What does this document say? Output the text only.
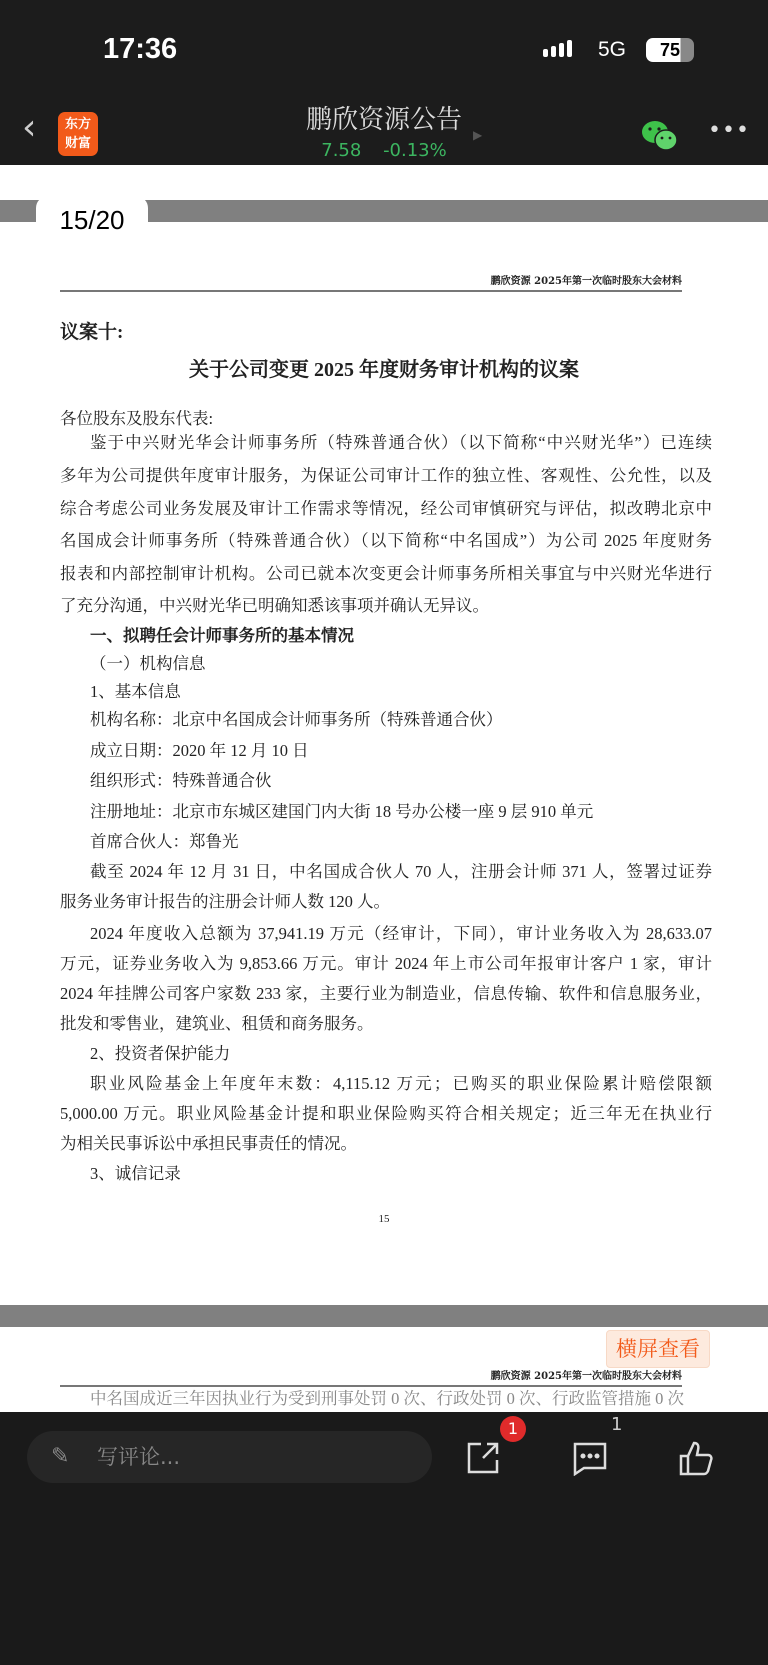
17:36	5G	75
‹	东方
财富
鹏欣资源公告 ▶
7.58 -0.13%
•••
15/20
鹏欣资源 2025年第一次临时股东大会材料
议案十:
关于公司变更 2025 年度财务审计机构的议案
各位股东及股东代表:
鉴于中兴财光华会计师事务所（特殊普通合伙）（以下简称“中兴财光华”）已连续
多年为公司提供年度审计服务，为保证公司审计工作的独立性、客观性、公允性，以及
综合考虑公司业务发展及审计工作需求等情况，经公司审慎研究与评估，拟改聘北京中
名国成会计师事务所（特殊普通合伙）（以下简称“中名国成”）为公司 2025 年度财务
报表和内部控制审计机构。公司已就本次变更会计师事务所相关事宜与中兴财光华进行
了充分沟通，中兴财光华已明确知悉该事项并确认无异议。
一、拟聘任会计师事务所的基本情况
（一）机构信息
1、基本信息
机构名称：北京中名国成会计师事务所（特殊普通合伙）
成立日期：2020 年 12 月 10 日
组织形式：特殊普通合伙
注册地址：北京市东城区建国门内大街 18 号办公楼一座 9 层 910 单元
首席合伙人：郑鲁光
截至 2024 年 12 月 31 日，中名国成合伙人 70 人，注册会计师 371 人，签署过证券
服务业务审计报告的注册会计师人数 120 人。
2024 年度收入总额为 37,941.19 万元（经审计，下同），审计业务收入为 28,633.07
万元，证券业务收入为 9,853.66 万元。审计 2024 年上市公司年报审计客户 1 家，审计
2024 年挂牌公司客户家数 233 家，主要行业为制造业，信息传输、软件和信息服务业，
批发和零售业，建筑业、租赁和商务服务。
2、投资者保护能力
职业风险基金上年度年末数：4,115.12 万元；已购买的职业保险累计赔偿限额
5,000.00 万元。职业风险基金计提和职业保险购买符合相关规定；近三年无在执业行
为相关民事诉讼中承担民事责任的情况。
3、诚信记录
15
横屏查看
鹏欣资源 2025年第一次临时股东大会材料
中名国成近三年因执业行为受到刑事处罚 0 次、行政处罚 0 次、行政监管措施 0 次
✎ 写评论...
1	1
